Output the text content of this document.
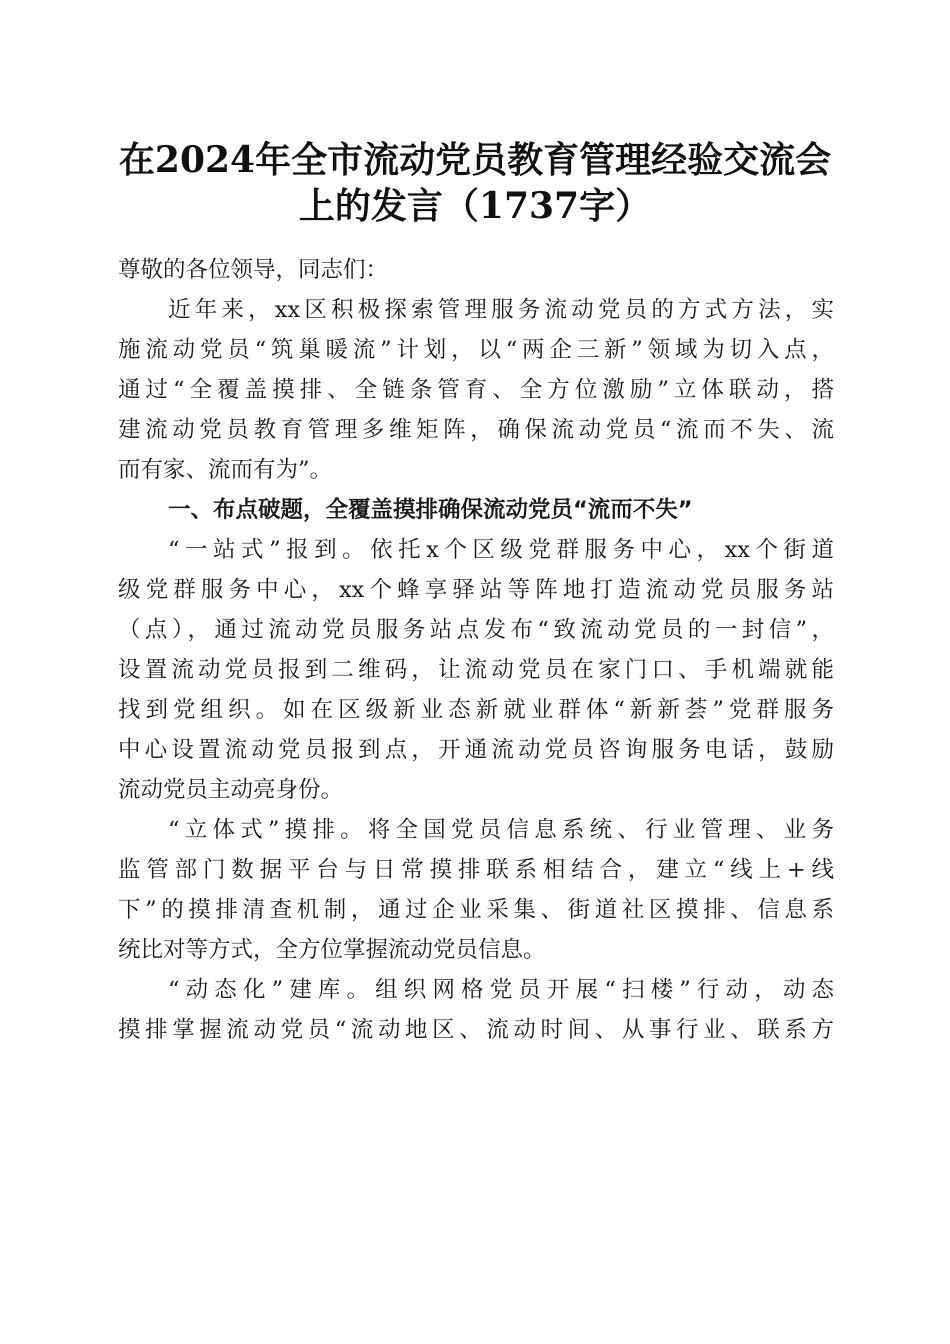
在2024年全市流动党员教育管理经验交流会
上的发言（1737字）
尊敬的各位领导，同志们：
近年来，xx区积极探索管理服务流动党员的方式方法，实
施流动党员“筑巢暖流”计划，以“两企三新”领域为切入点，
通过“全覆盖摸排、全链条管育、全方位激励”立体联动，搭
建流动党员教育管理多维矩阵，确保流动党员“流而不失、流
而有家、流而有为”。
一、布点破题，全覆盖摸排确保流动党员“流而不失”
“一站式”报到。依托x个区级党群服务中心，xx个街道
级党群服务中心，xx个蜂享驿站等阵地打造流动党员服务站
（点），通过流动党员服务站点发布“致流动党员的一封信”，
设置流动党员报到二维码，让流动党员在家门口、手机端就能
找到党组织。如在区级新业态新就业群体“新新荟”党群服务
中心设置流动党员报到点，开通流动党员咨询服务电话，鼓励
流动党员主动亮身份。
“立体式”摸排。将全国党员信息系统、行业管理、业务
监管部门数据平台与日常摸排联系相结合，建立“线上+线
下”的摸排清查机制，通过企业采集、街道社区摸排、信息系
统比对等方式，全方位掌握流动党员信息。
“动态化”建库。组织网格党员开展“扫楼”行动，动态
摸排掌握流动党员“流动地区、流动时间、从事行业、联系方
